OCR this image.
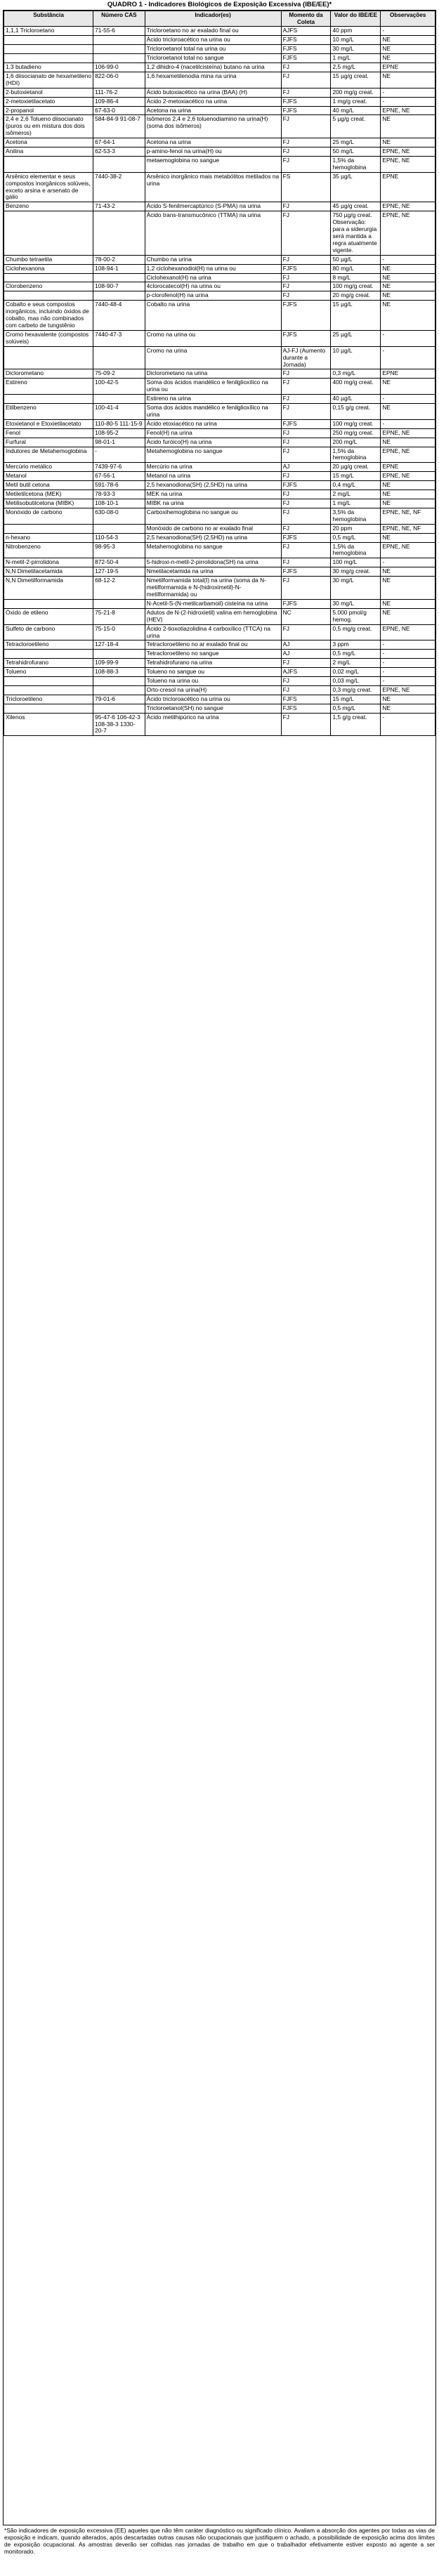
QUADRO 1 - Indicadores Biológicos de Exposição Excessiva (IBE/EE)*
Substância	Número CAS	Indicador(es)	Momento da Coleta	Valor do IBE/EE	Observações
1,1,1 Tricloroetano	71-55-6	Tricloroetano no ar exalado final ou	AJFS	40 ppm	-
		Ácido tricloroacético na urina ou	FJFS	10 mg/L	NE
		Tricloroetanol total na urina ou	FJFS	30 mg/L	NE
		Tricloroetanol total no sangue	FJFS	1 mg/L	NE
1,3 butadieno	106-99-0	1,2 dihidro-4 (nacetilcisteína) butano na urina	FJ	2,5 mg/L	EPNE
1,6 diisocianato de hexametileno (HDI)	822-06-0	1,6 hexametilenodia mina na urina	FJ	15 µg/g creat.	NE
2-butoxietanol	111-76-2	Ácido butoxiacético na urina (BAA) (H)	FJ	200 mg/g creat.	-
2-metoxietilacetato	109-86-4	Ácido 2-metoxiacético na urina	FJFS	1 mg/g creat.	-
2-propanol	67-63-0	Acetona na urina	FJFS	40 mg/L	EPNE, NE
2,4 e 2,6 Tolueno diisocianato (puros ou em mistura dos dois isômeros)	584-84-9 91-08-7	Isômeros 2,4 e 2,6 toluenodiamino na urina(H) (soma dos isômeros)	FJ	5 µg/g creat.	NE
Acetona	67-64-1	Acetona na urina	FJ	25 mg/L	NE
Anilina	62-53-3	p-amino-fenol na urina(H) ou	FJ	50 mg/L	EPNE, NE
		metaemoglobina no sangue	FJ	1,5% da hemoglobina	EPNE, NE
Arsênico elementar e seus compostos inorgânicos solúveis, exceto arsina e arsenato de gálio	7440-38-2	Arsênico inorgânico mais metabólitos metilados na urina	FS	35 µg/L	EPNE
Benzeno	71-43-2	Ácido S-fenilmercaptúrico (S-PMA) na urina	FJ	45 µg/g creat.	EPNE, NE
		Ácido trans-transmucônico (TTMA) na urina	FJ	750 µg/g creat. Observação: para a siderurgia será mantida a regra atualmente vigente.	EPNE, NE
Chumbo tetraetila	78-00-2	Chumbo na urina	FJ	50 µg/L	-
Ciclohexanona	108-94-1	1,2 ciclohexanodiol(H) na urina ou	FJFS	80 mg/L	NE
		Ciclohexanol(H) na urina	FJ	8 mg/L	NE
Clorobenzeno	108-90-7	4clorocatecol(H) na urina ou	FJ	100 mg/g creat.	NE
		p-clorofenol(H) na urina	FJ	20 mg/g creat.	NE
Cobalto e seus compostos inorgânicos, incluindo óxidos de cobalto, mas não combinados com carbeto de tungstênio	7440-48-4	Cobalto na urina	FJFS	15 µg/L	NE
Cromo hexavalente (compostos solúveis)	7440-47-3	Cromo na urina ou	FJFS	25 µg/L	-
		Cromo na urina	AJ-FJ (Aumento durante a Jornada)	10 µg/L	-
Diclorometano	75-09-2	Diclorometano na urina	FJ	0,3 mg/L	EPNE
Estireno	100-42-5	Soma dos ácidos mandélico e fenilglioxílico na urina ou	FJ	400 mg/g creat.	NE
		Estireno na urina	FJ	40 µg/L	-
Etilbenzeno	100-41-4	Soma dos ácidos mandélico e fenilglioxílico na urina	FJ	0,15 g/g creat.	NE
Etoxietanol e Etoxietilacetato	110-80-5 111-15-9	Ácido etoxiacético na urina	FJFS	100 mg/g creat.	-
Fenol	108-95-2	Fenol(H) na urina	FJ	250 mg/g creat.	EPNE, NE
Furfural	98-01-1	Ácido furóico(H) na urina	FJ	200 mg/L	NE
Indutores de Metahemoglobina	-	Metahemoglobina no sangue	FJ	1,5% da hemoglobina	EPNE, NE
Mercúrio metálico	7439-97-6	Mercúrio na urina	AJ	20 µg/g creat.	EPNE
Metanol	67-56-1	Metanol na urina	FJ	15 mg/L	EPNE, NE
Metil butil cetona	591-78-6	2,5 hexanodiona(SH) (2,5HD) na urina	FJFS	0,4 mg/L	NE
Metiletilcetona (MEK)	78-93-3	MEK na urina	FJ	2 mg/L	NE
Metilisobutilcetona (MIBK)	108-10-1	MIBK na urina	FJ	1 mg/L	NE
Monóxido de carbono	630-08-0	Carboxihemoglobina no sangue ou	FJ	3,5% da hemoglobina	EPNE, NE, NF
		Monóxido de carbono no ar exalado final	FJ	20 ppm	EPNE, NE, NF
n-hexano	110-54-3	2,5 hexanodiona(SH) (2,5HD) na urina	FJFS	0,5 mg/L	NE
Nitrobenzeno	98-95-3	Metahemoglobina no sangue	FJ	1,5% da hemoglobina	EPNE, NE
N-metil-2-pirrolidona	872-50-4	5-hidroxi-n-metil-2-pirrolidona(SH) na urina	FJ	100 mg/L	-
N,N Dimetilacetamida	127-19-5	Nmetilacetamida na urina	FJFS	30 mg/g creat.	NE
N,N Dimetilformamida	68-12-2	Nmetilformamida total(I) na urina (soma da N-metilformamida e N-(hidroximetil)-N-metilformamida) ou	FJ	30 mg/L	NE
		N-Acetil-S-(N-metilcarbamoil) cisteína na urina	FJFS	30 mg/L	NE
Óxido de etileno	75-21-8	Adutos de N-(2-hidroxietil) valina em hemoglobina (HEV)	NC	5.000 pmol/g hemog.	NE
Sulfeto de carbono	75-15-0	Ácido 2-tioxotiazolidina 4 carboxílico (TTCA) na urina	FJ	0,5 mg/g creat.	EPNE, NE
Tetracloroetileno	127-18-4	Tetracloroetileno no ar exalado final ou	AJ	3 ppm	-
		Tetracloroetileno no sangue	AJ	0,5 mg/L	-
Tetrahidrofurano	109-99-9	Tetrahidrofurano na urina	FJ	2 mg/L	-
Tolueno	108-88-3	Tolueno no sangue ou	AJFS	0,02 mg/L	-
		Tolueno na urina ou	FJ	0,03 mg/L	-
		Orto-cresol na urina(H)	FJ	0,3 mg/g creat.	EPNE, NE
Tricloroetileno	79-01-6	Ácido tricloroacético na urina ou	FJFS	15 mg/L	NE
		Tricloroetanol(SH) no sangue	FJFS	0,5 mg/L	NE
Xilenos	95-47-6 106-42-3 108-38-3 1330-20-7	Ácido metilhipúrico na urina	FJ	1,5 g/g creat.	-
*São indicadores de exposição excessiva (EE) aqueles que não têm caráter diagnóstico ou significado clínico. Avaliam a absorção dos agentes por todas as vias de exposição e indicam, quando alterados, após descartadas outras causas não ocupacionais que justifiquem o achado, a possibilidade de exposição acima dos limites de exposição ocupacional. As amostras deverão ser colhidas nas jornadas de trabalho em que o trabalhador efetivamente estiver exposto ao agente a ser monitorado.
